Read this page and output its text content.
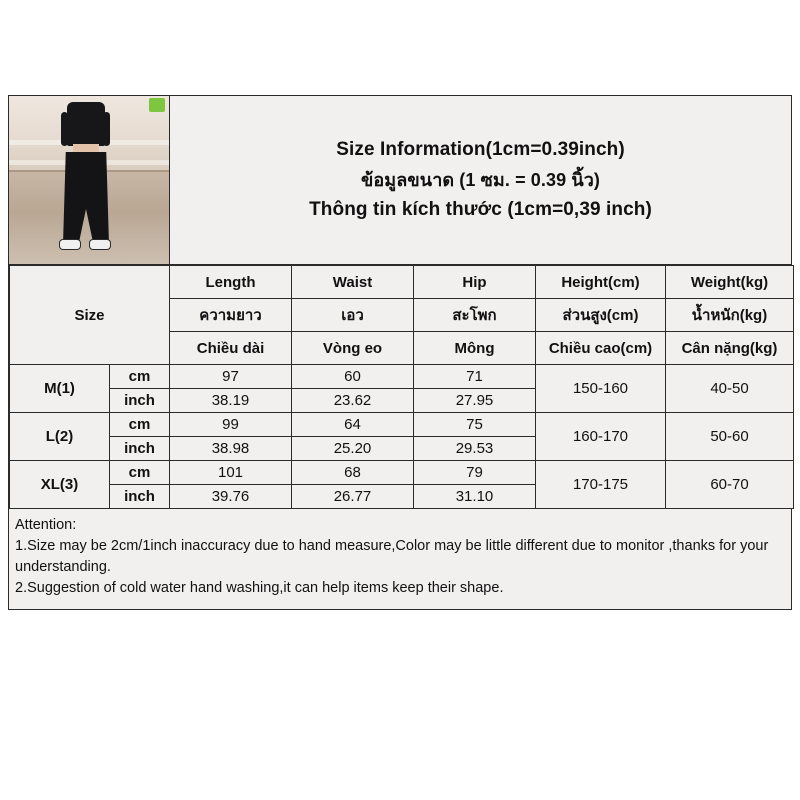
Size Information(1cm=0.39inch)
ข้อมูลขนาด (1 ซม. = 0.39 นิ้ว)
Thông tin kích thước (1cm=0,39 inch)
Size		Length	Waist	Hip	Height(cm)	Weight(kg)
		ความยาว	เอว	สะโพก	ส่วนสูง(cm)	น้ำหนัก(kg)
		Chiều dài	Vòng eo	Mông	Chiều cao(cm)	Cân nặng(kg)
M(1)	cm	97	60	71	150-160	40-50
	inch	38.19	23.62	27.95		
L(2)	cm	99	64	75	160-170	50-60
	inch	38.98	25.20	29.53		
XL(3)	cm	101	68	79	170-175	60-70
	inch	39.76	26.77	31.10		
Attention:
1.Size may be 2cm/1inch inaccuracy due to hand measure,Color may be little different due to monitor ,thanks for your understanding.
2.Suggestion of cold water hand washing,it can help items keep their shape.
